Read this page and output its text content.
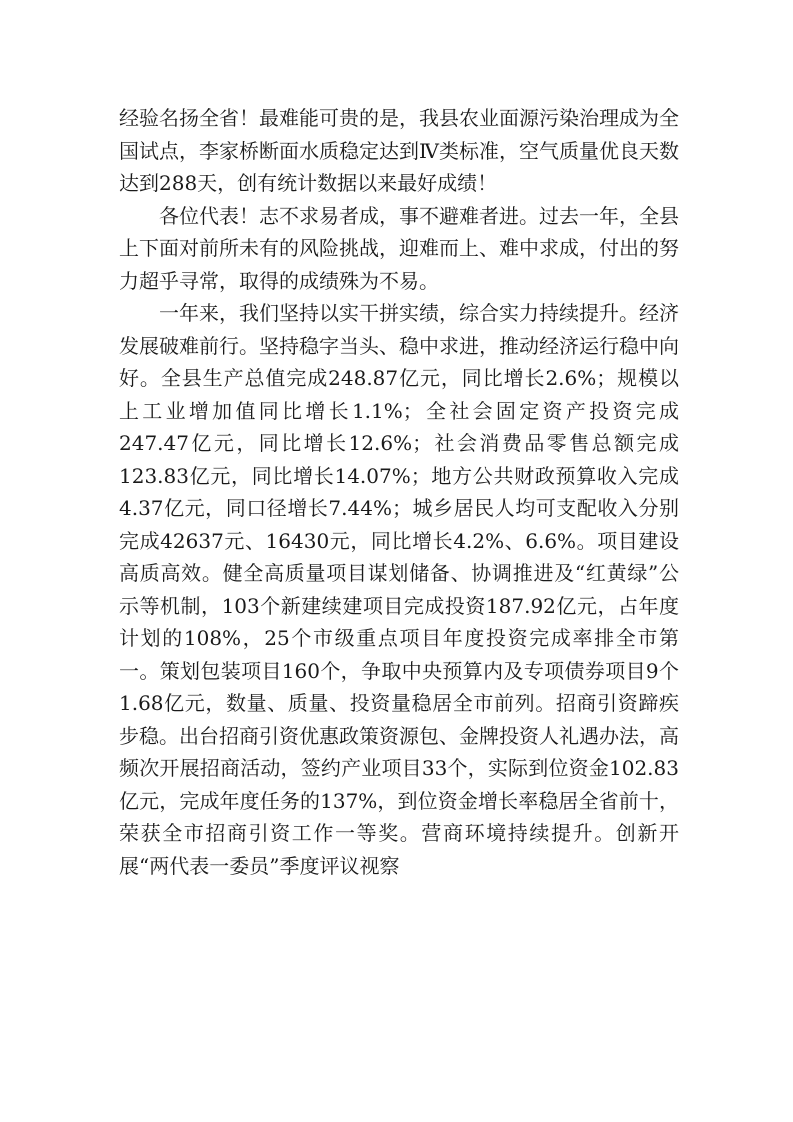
经验名扬全省！最难能可贵的是，我县农业面源污染治理成为全国试点，李家桥断面水质稳定达到Ⅳ类标准，空气质量优良天数达到288天，创有统计数据以来最好成绩！

各位代表！志不求易者成，事不避难者进。过去一年，全县上下面对前所未有的风险挑战，迎难而上、难中求成，付出的努力超乎寻常，取得的成绩殊为不易。

一年来，我们坚持以实干拼实绩，综合实力持续提升。经济发展破难前行。坚持稳字当头、稳中求进，推动经济运行稳中向好。全县生产总值完成248.87亿元，同比增长2.6%；规模以上工业增加值同比增长1.1%；全社会固定资产投资完成247.47亿元，同比增长12.6%；社会消费品零售总额完成123.83亿元，同比增长14.07%；地方公共财政预算收入完成4.37亿元，同口径增长7.44%；城乡居民人均可支配收入分别完成42637元、16430元，同比增长4.2%、6.6%。项目建设高质高效。健全高质量项目谋划储备、协调推进及“红黄绿”公示等机制，103个新建续建项目完成投资187.92亿元，占年度计划的108%，25个市级重点项目年度投资完成率排全市第一。策划包装项目160个，争取中央预算内及专项债券项目9个1.68亿元，数量、质量、投资量稳居全市前列。招商引资蹄疾步稳。出台招商引资优惠政策资源包、金牌投资人礼遇办法，高频次开展招商活动，签约产业项目33个，实际到位资金102.83亿元，完成年度任务的137%，到位资金增长率稳居全省前十，荣获全市招商引资工作一等奖。营商环境持续提升。创新开展“两代表一委员”季度评议视察
